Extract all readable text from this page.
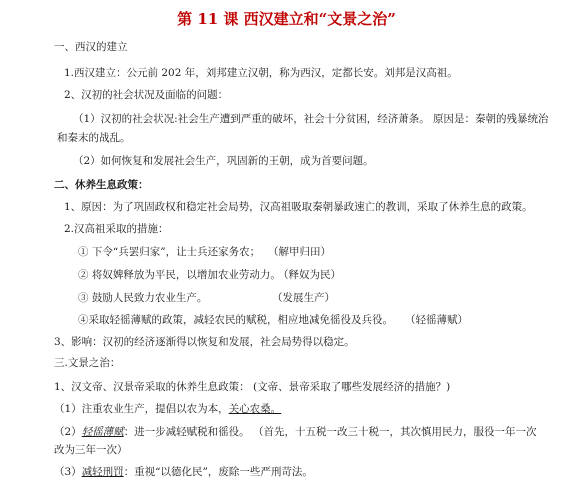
第 11 课 西汉建立和“文景之治”
一、西汉的建立
1.西汉建立：公元前 202 年，刘邦建立汉朝，称为西汉，定都长安。刘邦是汉高祖。
2、汉初的社会状况及面临的问题：
（1）汉初的社会状况:社会生产遭到严重的破坏，社会十分贫困，经济萧条。 原因是：秦朝的残暴统治
和秦末的战乱。
（2）如何恢复和发展社会生产，巩固新的王朝，成为首要问题。
二、休养生息政策：
1、原因：为了巩固政权和稳定社会局势，汉高祖吸取秦朝暴政速亡的教训，采取了休养生息的政策。
2.汉高祖采取的措施：
① 下令“兵罢归家”，让士兵还家务农； （解甲归田）
② 将奴婢释放为平民，以增加农业劳动力。
（释奴为民）
③ 鼓励人民致力农业生产。	（发展生产）
④采取轻徭薄赋的政策，减轻农民的赋税，相应地减免徭役及兵役。 （轻徭薄赋）
3、影响：汉初的经济逐渐得以恢复和发展，社会局势得以稳定。
三.文景之治：
1、汉文帝、汉景帝采取的休养生息政策： (文帝、景帝采取了哪些发展经济的措施？)
（1）注重农业生产，提倡以农为本，关心农桑。
（2）轻徭薄赋：进一步减轻赋税和徭役。 （首先，十五税一改三十税一，其次慎用民力，服役一年一次
改为三年一次）
（3）减轻刑罚：重视“以德化民”，废除一些严刑苛法。
